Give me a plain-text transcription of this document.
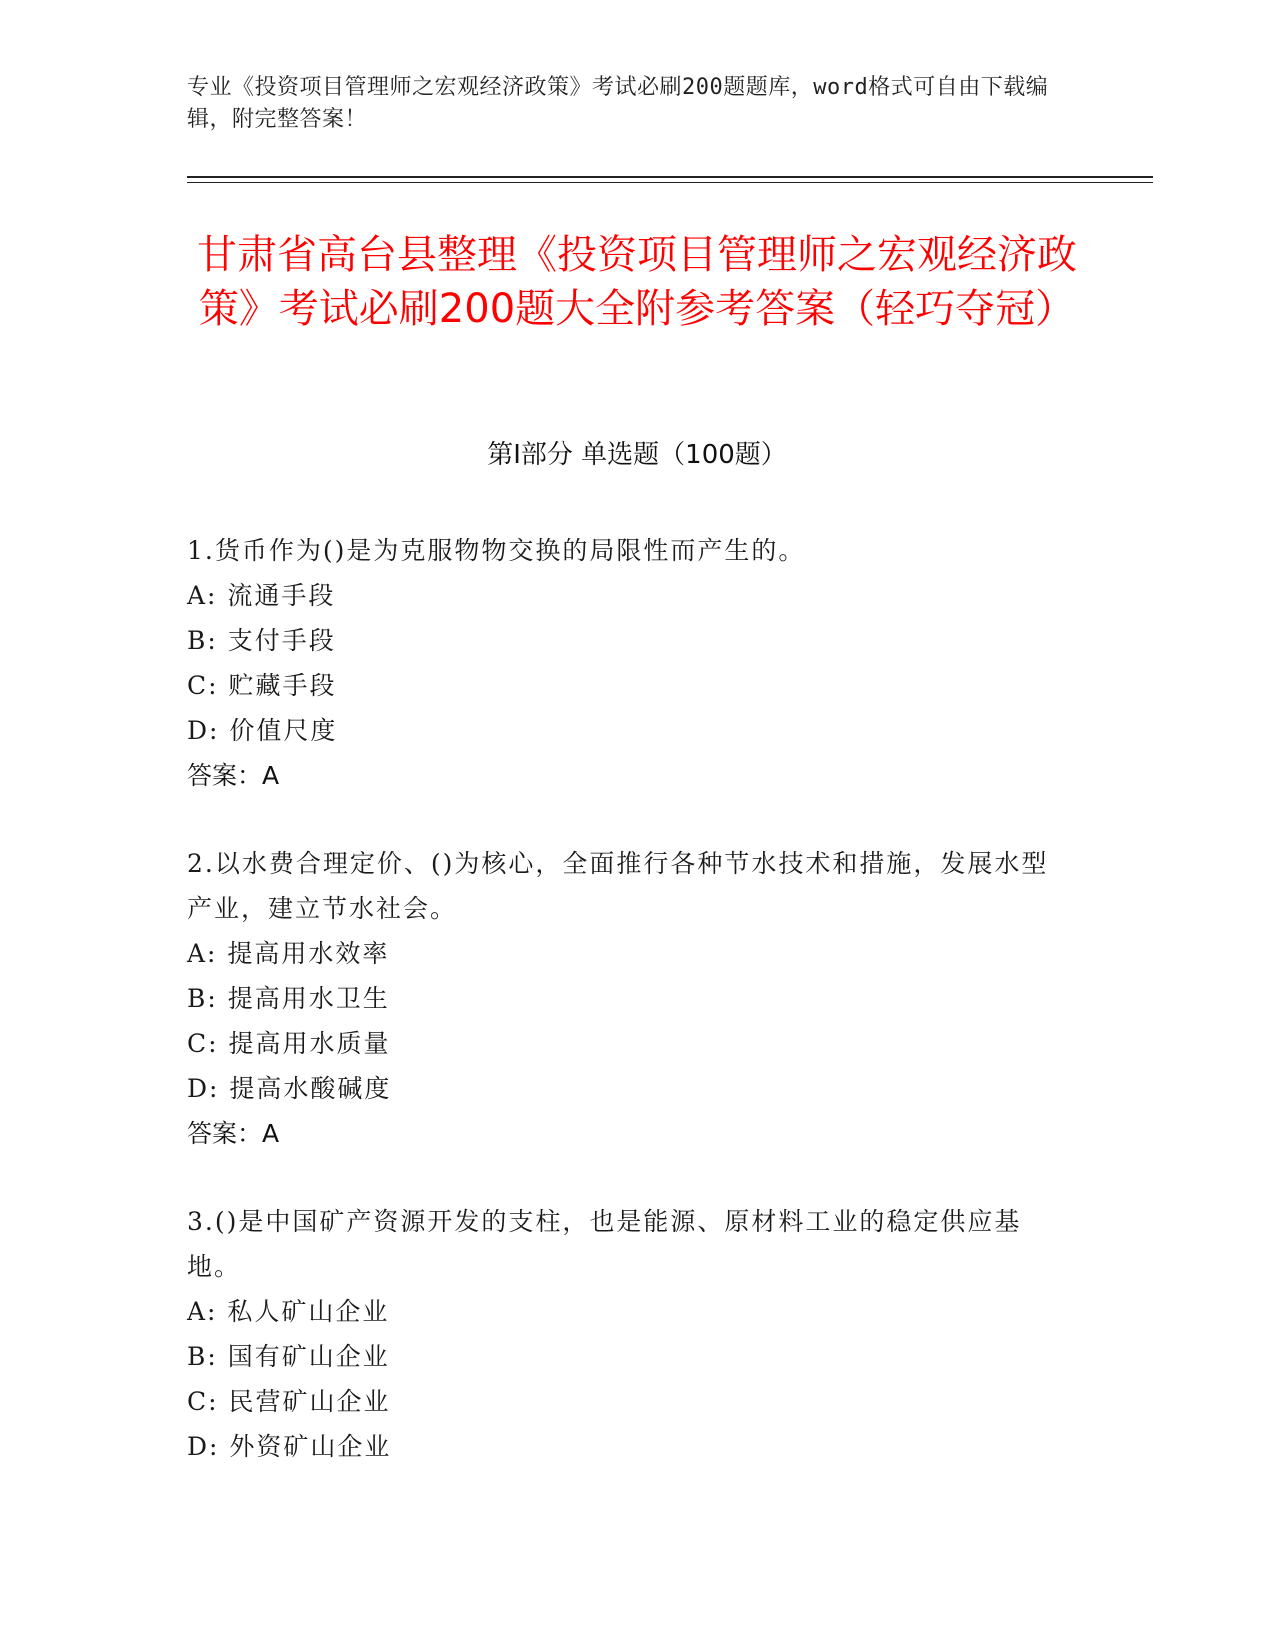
专业《投资项目管理师之宏观经济政策》考试必刷200题题库，word格式可自由下载编辑，附完整答案！
甘肃省高台县整理《投资项目管理师之宏观经济政策》考试必刷200题大全附参考答案（轻巧夺冠）
第Ⅰ部分 单选题（100题）

1.货币作为()是为克服物物交换的局限性而产生的。

A: 流通手段

B: 支付手段

C: 贮藏手段

D: 价值尺度

答案：A

2.以水费合理定价、()为核心，全面推行各种节水技术和措施，发展水型产业，建立节水社会。

A: 提高用水效率

B: 提高用水卫生

C: 提高用水质量

D: 提高水酸碱度

答案：A

3.()是中国矿产资源开发的支柱，也是能源、原材料工业的稳定供应基地。

A: 私人矿山企业

B: 国有矿山企业

C: 民营矿山企业

D: 外资矿山企业
